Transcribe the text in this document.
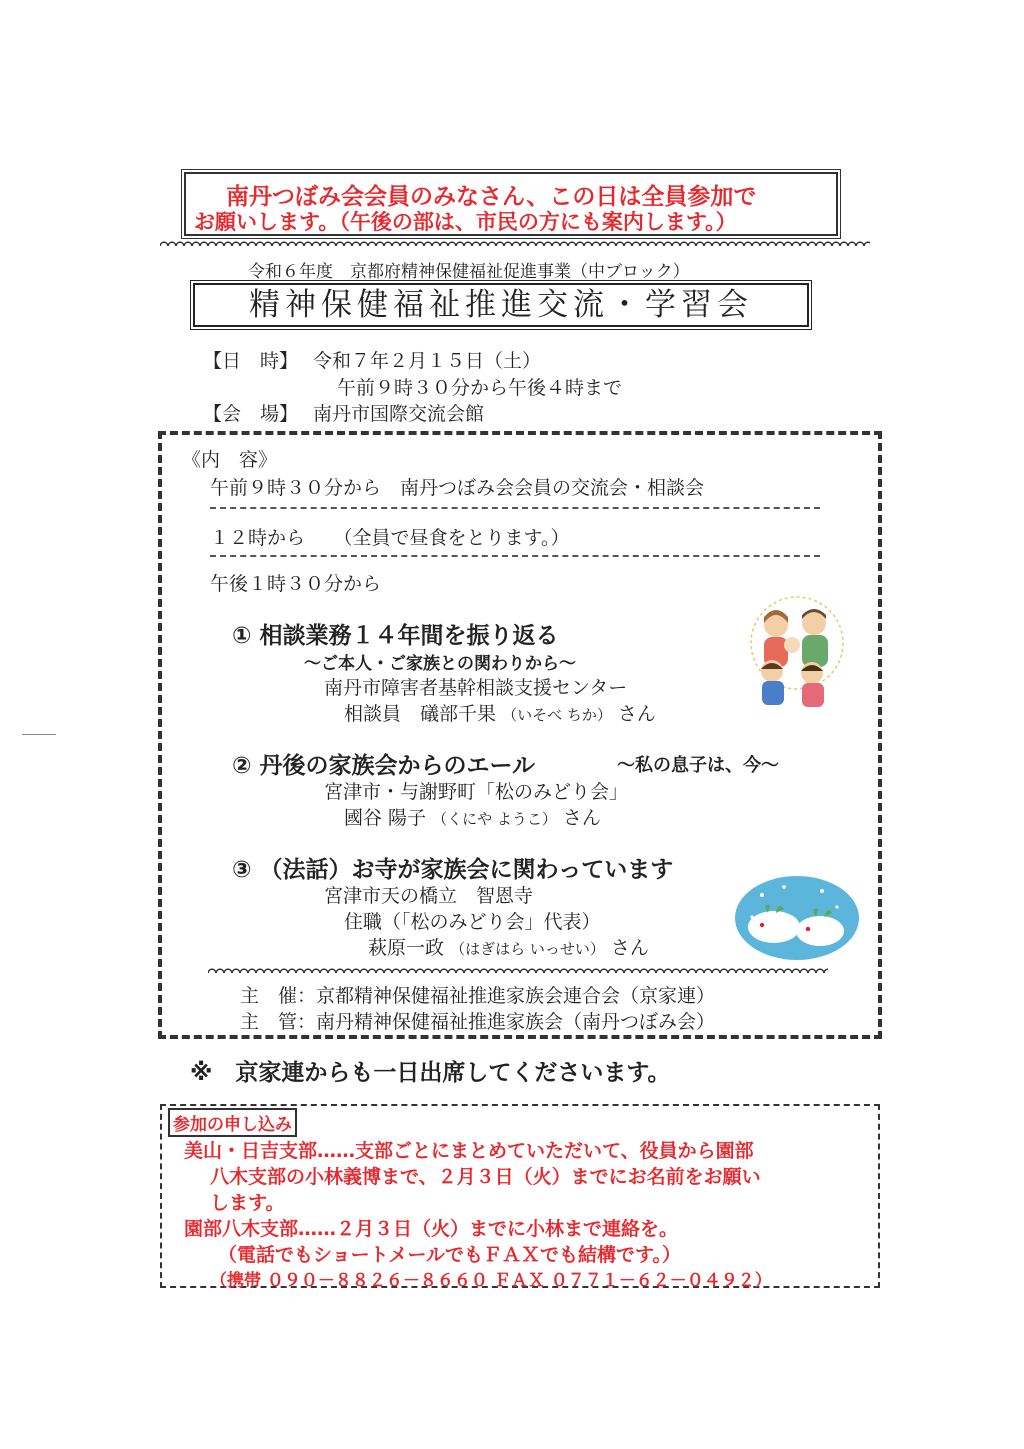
南丹つぼみ会会員のみなさん、この日は全員参加で
お願いします。（午後の部は、市民の方にも案内します。）
令和６年度　京都府精神保健福祉促進事業（中ブロック）
精神保健福祉推進交流・学習会
【日　時】 令和７年２月１５日（土）
午前９時３０分から午後４時まで
【会　場】 南丹市国際交流会館
《内　容》
午前９時３０分から　南丹つぼみ会会員の交流会・相談会
１２時から　　（全員で昼食をとります。）
午後１時３０分から
① 相談業務１４年間を振り返る
～ご本人・ご家族との関わりから～
南丹市障害者基幹相談支援センター
相談員　礒部千果 （いそべ ちか） さん
② 丹後の家族会からのエール	～私の息子は、今～
宮津市・与謝野町「松のみどり会」
國谷 陽子 （くにや ようこ） さん
③ （法話）お寺が家族会に関わっています
宮津市天の橋立　智恩寺
住職（「松のみどり会」代表）
萩原一政 （はぎはら いっせい） さん
主　催：京都精神保健福祉推進家族会連合会（京家連）
主　管：南丹精神保健福祉推進家族会（南丹つぼみ会）
※　京家連からも一日出席してくださいます。
参加の申し込み
美山・日吉支部……支部ごとにまとめていただいて、役員から園部
八木支部の小林義博まで、２月３日（火）までにお名前をお願い
します。
園部八木支部……２月３日（火）までに小林まで連絡を。
（電話でもショートメールでもＦＡＸでも結構です。）
（携帯 ０９０－８８２６－８６６０ ＦＡＸ ０７７１－６２－０４９２）
